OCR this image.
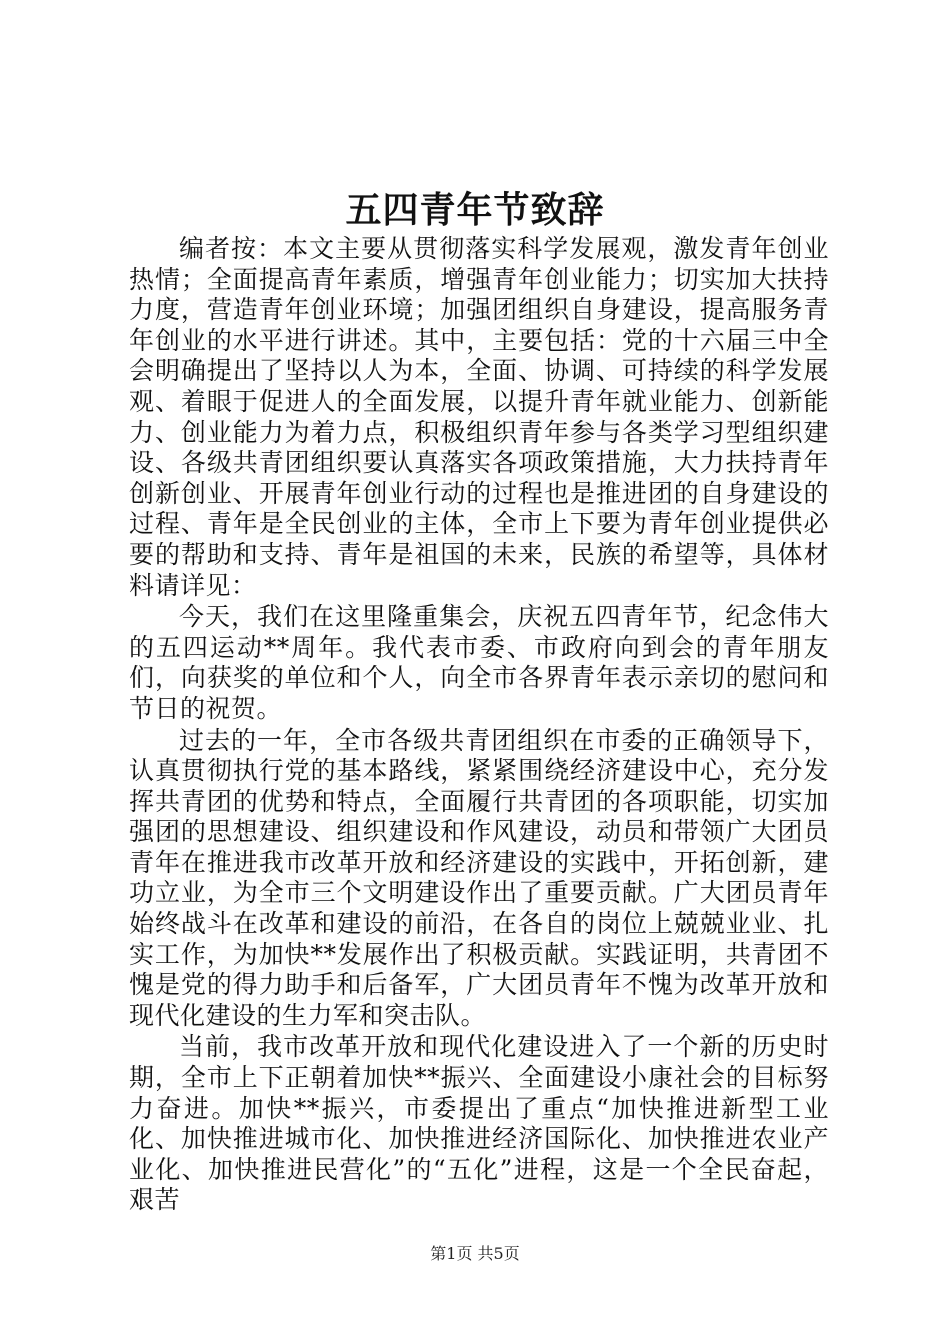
五四青年节致辞

编者按：本文主要从贯彻落实科学发展观，激发青年创业热情；全面提高青年素质，增强青年创业能力；切实加大扶持力度，营造青年创业环境；加强团组织自身建设，提高服务青年创业的水平进行讲述。其中，主要包括：党的十六届三中全会明确提出了坚持以人为本，全面、协调、可持续的科学发展观、着眼于促进人的全面发展，以提升青年就业能力、创新能力、创业能力为着力点，积极组织青年参与各类学习型组织建设、各级共青团组织要认真落实各项政策措施，大力扶持青年创新创业、开展青年创业行动的过程也是推进团的自身建设的过程、青年是全民创业的主体，全市上下要为青年创业提供必要的帮助和支持、青年是祖国的未来，民族的希望等，具体材料请详见：

今天，我们在这里隆重集会，庆祝五四青年节，纪念伟大的五四运动**周年。我代表市委、市政府向到会的青年朋友们，向获奖的单位和个人，向全市各界青年表示亲切的慰问和节日的祝贺。

过去的一年，全市各级共青团组织在市委的正确领导下，认真贯彻执行党的基本路线，紧紧围绕经济建设中心，充分发挥共青团的优势和特点，全面履行共青团的各项职能，切实加强团的思想建设、组织建设和作风建设，动员和带领广大团员青年在推进我市改革开放和经济建设的实践中，开拓创新，建功立业，为全市三个文明建设作出了重要贡献。广大团员青年始终战斗在改革和建设的前沿，在各自的岗位上兢兢业业、扎实工作，为加快**发展作出了积极贡献。实践证明，共青团不愧是党的得力助手和后备军，广大团员青年不愧为改革开放和现代化建设的生力军和突击队。

当前，我市改革开放和现代化建设进入了一个新的历史时期，全市上下正朝着加快**振兴、全面建设小康社会的目标努力奋进。加快**振兴，市委提出了重点“加快推进新型工业化、加快推进城市化、加快推进经济国际化、加快推进农业产业化、加快推进民营化”的“五化”进程，这是一个全民奋起，艰苦

第1页 共5页
